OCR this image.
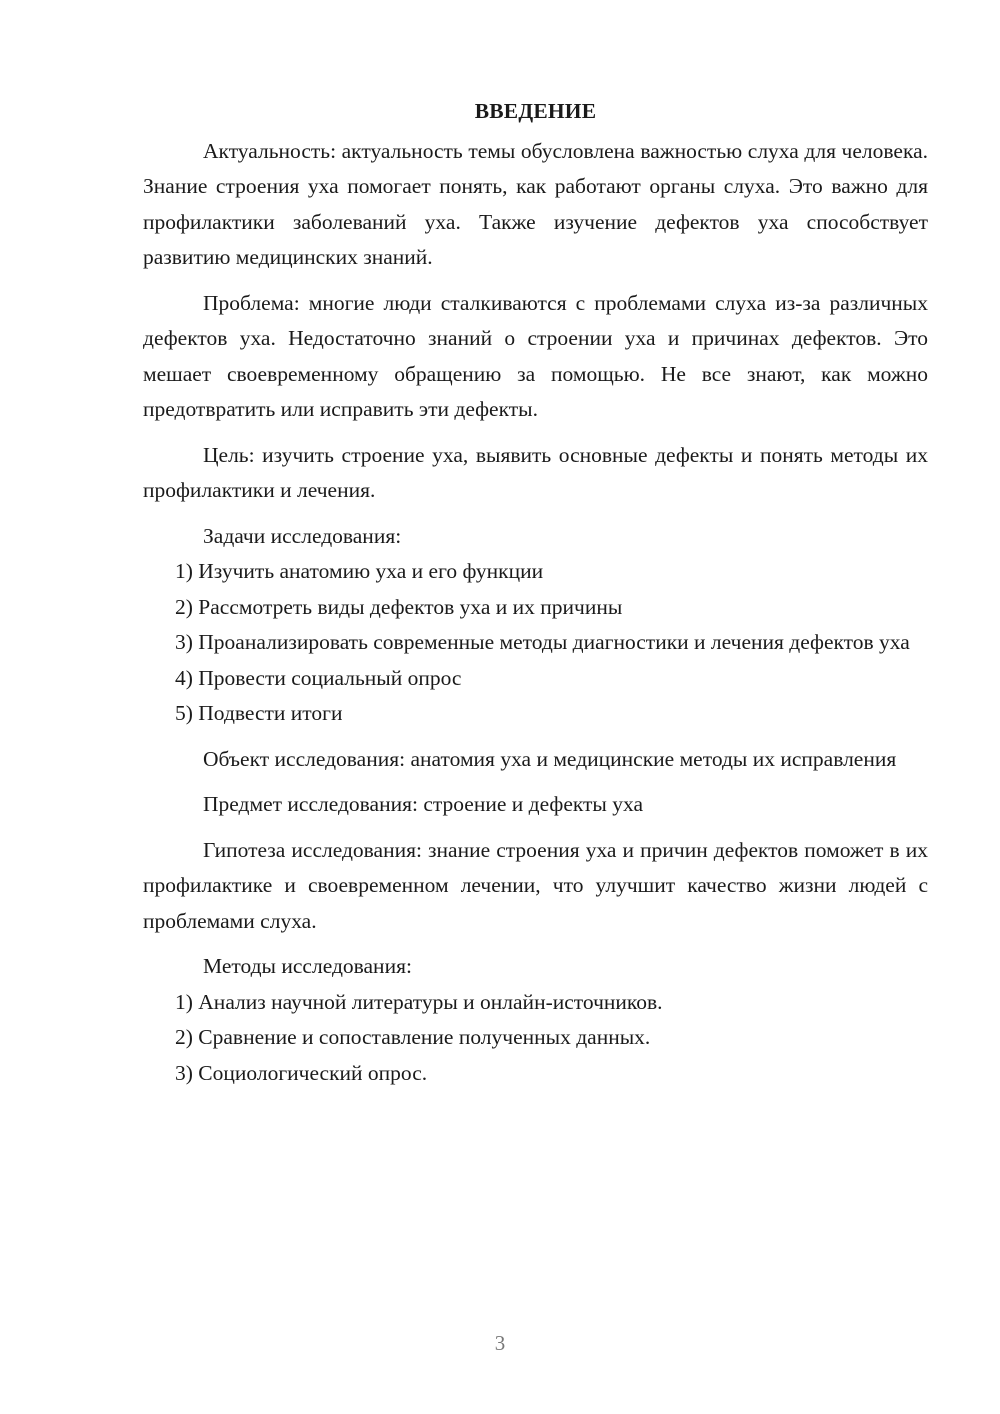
ВВЕДЕНИЕ

Актуальность: актуальность темы обусловлена важностью слуха для человека. Знание строения уха помогает понять, как работают органы слуха. Это важно для профилактики заболеваний уха. Также изучение дефектов уха способствует развитию медицинских знаний.

Проблема: многие люди сталкиваются с проблемами слуха из-за различных дефектов уха. Недостаточно знаний о строении уха и причинах дефектов. Это мешает своевременному обращению за помощью. Не все знают, как можно предотвратить или исправить эти дефекты.

Цель: изучить строение уха, выявить основные дефекты и понять методы их профилактики и лечения.

Задачи исследования:

1) Изучить анатомию уха и его функции

2) Рассмотреть виды дефектов уха и их причины

3) Проанализировать современные методы диагностики и лечения дефектов уха

4) Провести социальный опрос

5) Подвести итоги

Объект исследования: анатомия уха и медицинские методы их исправления

Предмет исследования: строение и дефекты уха

Гипотеза исследования: знание строения уха и причин дефектов поможет в их профилактике и своевременном лечении, что улучшит качество жизни людей с проблемами слуха.

Методы исследования:

1) Анализ научной литературы и онлайн-источников.

2) Сравнение и сопоставление полученных данных.

3) Социологический опрос.

3
